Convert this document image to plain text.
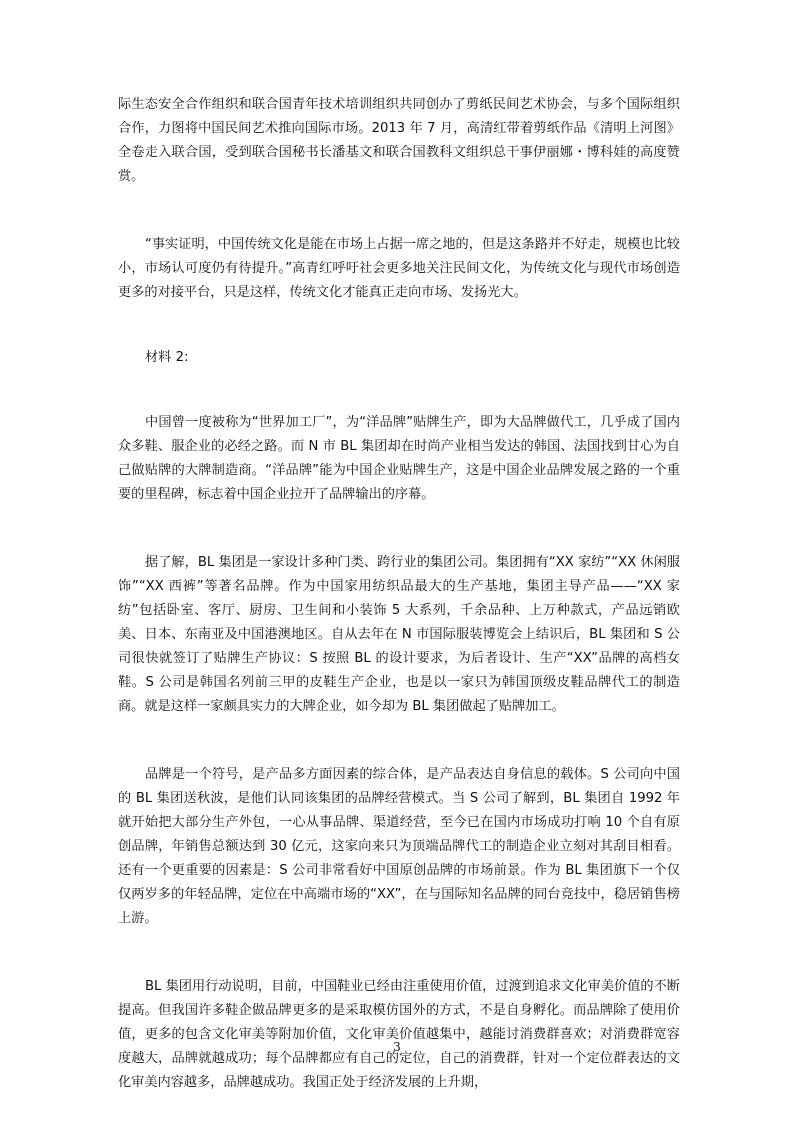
际生态安全合作组织和联合国青年技术培训组织共同创办了剪纸民间艺术协会，与多个国际组织合作，力图将中国民间艺术推向国际市场。2013 年 7 月，高清红带着剪纸作品《清明上河图》全卷走入联合国，受到联合国秘书长潘基文和联合国教科文组织总干事伊丽娜・博科娃的高度赞赏。

“事实证明，中国传统文化是能在市场上占据一席之地的，但是这条路并不好走，规模也比较小，市场认可度仍有待提升。”高青红呼吁社会更多地关注民间文化，为传统文化与现代市场创造更多的对接平台，只是这样，传统文化才能真正走向市场、发扬光大。

材料 2:

中国曾一度被称为“世界加工厂”，为“洋品牌”贴牌生产，即为大品牌做代工，几乎成了国内众多鞋、服企业的必经之路。而 N 市 BL 集团却在时尚产业相当发达的韩国、法国找到甘心为自己做贴牌的大牌制造商。“洋品牌”能为中国企业贴牌生产，这是中国企业品牌发展之路的一个重要的里程碑，标志着中国企业拉开了品牌输出的序幕。

据了解，BL 集团是一家设计多种门类、跨行业的集团公司。集团拥有“XX 家纺”“XX 休闲服饰”“XX 西裤”等著名品牌。作为中国家用纺织品最大的生产基地，集团主导产品——“XX 家纺”包括卧室、客厅、厨房、卫生间和小装饰 5 大系列，千余品种、上万种款式，产品远销欧美、日本、东南亚及中国港澳地区。自从去年在 N 市国际服装博览会上结识后，BL 集团和 S 公司很快就签订了贴牌生产协议：S 按照 BL 的设计要求，为后者设计、生产“XX”品牌的高档女鞋。S 公司是韩国名列前三甲的皮鞋生产企业，也是以一家只为韩国顶级皮鞋品牌代工的制造商。就是这样一家颇具实力的大牌企业，如今却为 BL 集团做起了贴牌加工。

品牌是一个符号，是产品多方面因素的综合体，是产品表达自身信息的载体。S 公司向中国的 BL 集团送秋波，是他们认同该集团的品牌经营模式。当 S 公司了解到，BL 集团自 1992 年就开始把大部分生产外包，一心从事品牌、渠道经营，至今已在国内市场成功打响 10 个自有原创品牌，年销售总额达到 30 亿元，这家向来只为顶端品牌代工的制造企业立刻对其刮目相看。还有一个更重要的因素是：S 公司非常看好中国原创品牌的市场前景。作为 BL 集团旗下一个仅仅两岁多的年轻品牌，定位在中高端市场的“XX”，在与国际知名品牌的同台竞技中，稳居销售榜上游。

BL 集团用行动说明，目前，中国鞋业已经由注重使用价值，过渡到追求文化审美价值的不断提高。但我国许多鞋企做品牌更多的是采取模仿国外的方式，不是自身孵化。而品牌除了使用价值，更多的包含文化审美等附加价值，文化审美价值越集中，越能讨消费群喜欢；对消费群宽容度越大，品牌就越成功；每个品牌都应有自己的定位，自己的消费群，针对一个定位群表达的文化审美内容越多，品牌越成功。我国正处于经济发展的上升期，

3
